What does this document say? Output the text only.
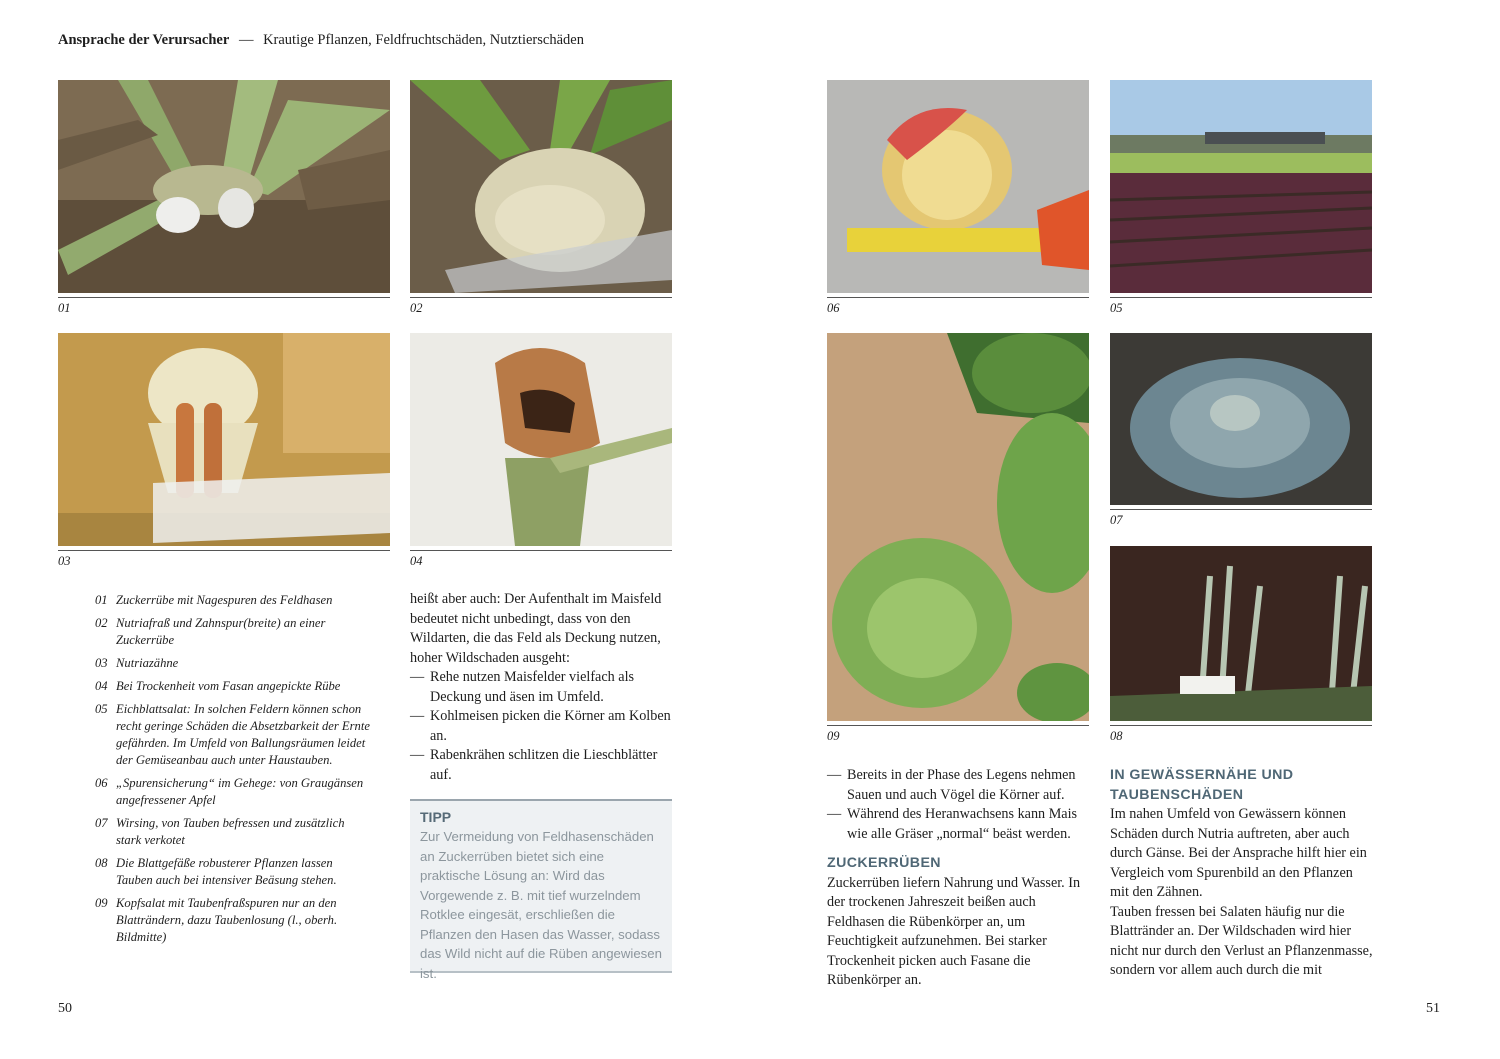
Ansprache der Verursacher — Krautige Pflanzen, Feldfruchtschäden, Nutztierschäden
01	02
03	04
06	05
09
07
08
01 Zuckerrübe mit Nagespuren des Feldhasen
02 Nutriafraß und Zahnspur(breite) an einer Zuckerrübe
03 Nutriazähne
04 Bei Trockenheit vom Fasan angepickte Rübe
05 Eichblattsalat: In solchen Feldern können schon recht geringe Schäden die Absetzbarkeit der Ernte gefährden. Im Umfeld von Ballungsräumen leidet der Gemüseanbau auch unter Haustauben.
06 „Spurensicherung“ im Gehege: von Graugänsen angefressener Apfel
07 Wirsing, von Tauben befressen und zusätzlich stark verkotet
08 Die Blattgefäße robusterer Pflanzen lassen Tauben auch bei intensiver Beäsung stehen.
09 Kopfsalat mit Taubenfraßspuren nur an den Blatträndern, dazu Taubenlosung (l., oberh. Bildmitte)
heißt aber auch: Der Aufenthalt im Maisfeld bedeutet nicht unbedingt, dass von den Wildarten, die das Feld als Deckung nutzen, hoher Wildschaden ausgeht:
— Rehe nutzen Maisfelder vielfach als Deckung und äsen im Umfeld.
— Kohlmeisen picken die Körner am Kolben an.
— Rabenkrähen schlitzen die Lieschblätter auf.
TIPP
Zur Vermeidung von Feldhasenschäden an Zuckerrüben bietet sich eine praktische Lösung an: Wird das Vorgewende z. B. mit tief wurzelndem Rotklee eingesät, erschließen die Pflanzen den Hasen das Wasser, sodass das Wild nicht auf die Rüben angewiesen ist.
— Bereits in der Phase des Legens nehmen Sauen und auch Vögel die Körner auf.
— Während des Heranwachsens kann Mais wie alle Gräser „normal“ beäst werden.
ZUCKERRÜBEN
Zuckerrüben liefern Nahrung und Wasser. In der trockenen Jahreszeit beißen auch Feldhasen die Rübenkörper an, um Feuchtigkeit aufzunehmen. Bei starker Trockenheit picken auch Fasane die Rübenkörper an.
IN GEWÄSSERNÄHE UND TAUBENSCHÄDEN
Im nahen Umfeld von Gewässern können Schäden durch Nutria auftreten, aber auch durch Gänse. Bei der Ansprache hilft hier ein Vergleich vom Spurenbild an den Pflanzen mit den Zähnen.
Tauben fressen bei Salaten häufig nur die Blattränder an. Der Wildschaden wird hier nicht nur durch den Verlust an Pflanzenmasse, sondern vor allem auch durch die mit
50	51
